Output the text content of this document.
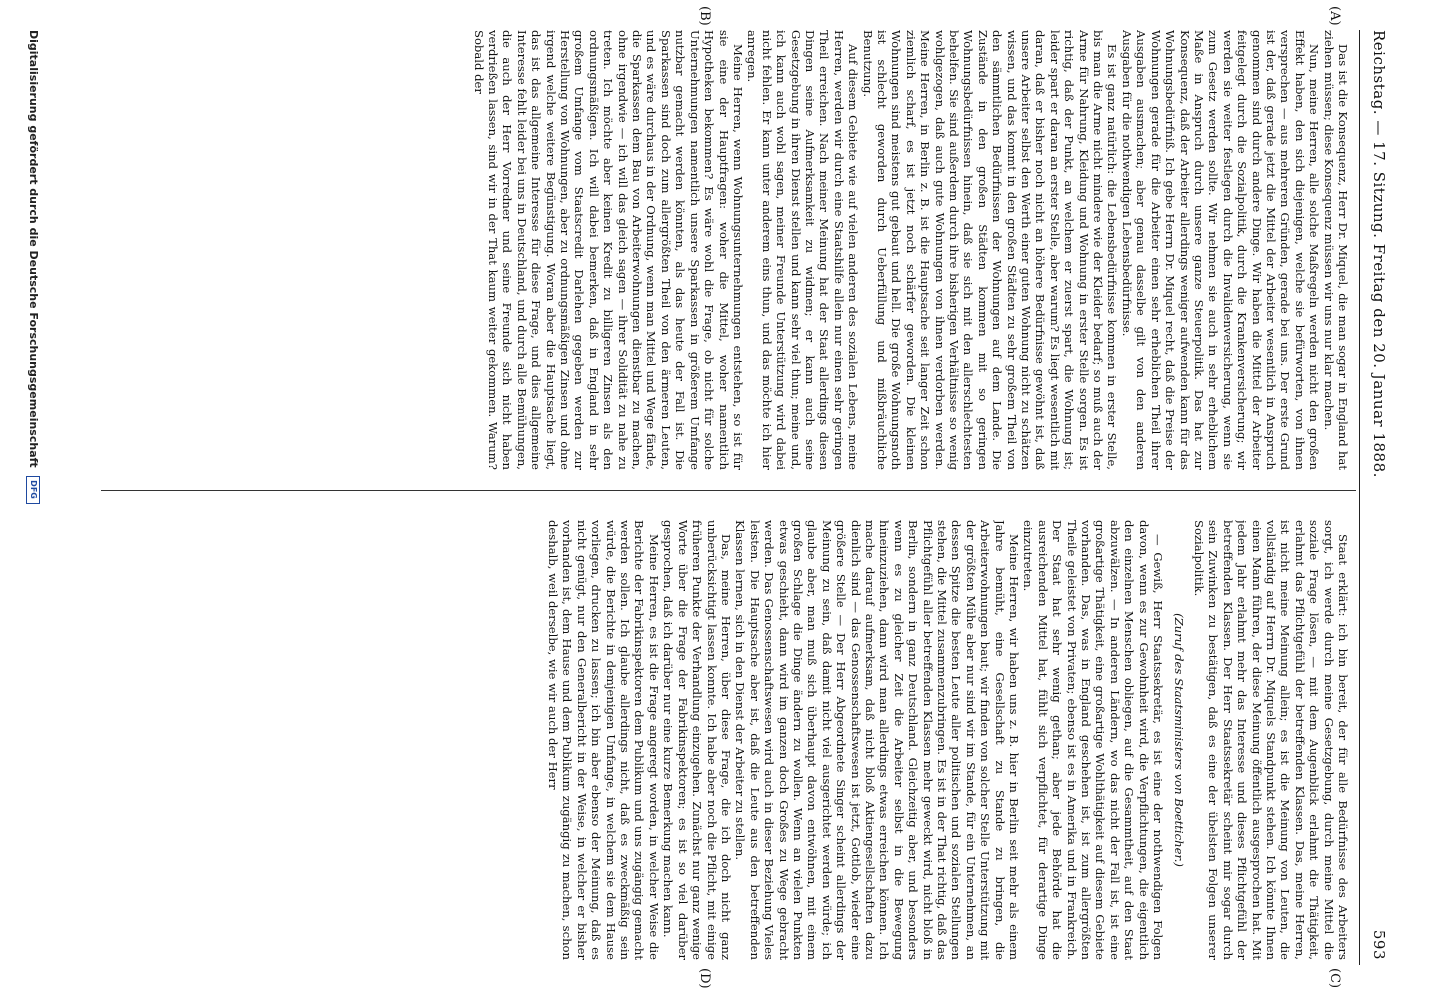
Reichstag. — 17. Sitzung. Freitag den 20. Januar 1888.
593
(A)
(B)
(C)
(D)

Das ist die Konsequenz, Herr Dr. Miquel, die man sogar in England hat ziehen müssen; diese Konsequenz müssen wir uns nur klar machen.

Nun, meine Herren, alle solche Maßregeln werden nicht den großen Effekt haben, den sich diejenigen, welche sie befürworten, von ihnen versprechen — aus mehreren Gründen, gerade bei uns. Der erste Grund ist der, daß gerade jetzt die Mittel der Arbeiter wesentlich in Anspruch genommen sind durch andere Dinge. Wir haben die Mittel der Arbeiter feitgelegt durch die Sozialpolitik, durch die Krankenversicherung; wir werden sie weiter festlegen durch die Invalidenversicherung, wenn sie zum Gesetz werden sollte. Wir nehmen sie auch in sehr erheblichem Maße in Anspruch durch unsere ganze Steuerpolitik. Das hat zur Konsequenz, daß der Arbeiter allerdings weniger aufwenden kann für das Wohnungsbedürfniß. Ich gebe Herrn Dr. Miquel recht, daß die Preise der Wohnungen gerade für die Arbeiter einen sehr erheblichen Theil ihrer Ausgaben ausmachen; aber genau dasselbe gilt von den anderen Ausgaben für die nothwendigen Lebensbedürfnisse.

Es ist ganz natürlich: die Lebensbedürfnisse kommen in erster Stelle, bis man die Arme nicht mindere wie der Kleider bedarf; so muß auch der Arme für Nahrung, Kleidung und Wohnung in erster Stelle sorgen. Es ist richtig, daß der Punkt, an welchem er zuerst spart, die Wohnung ist; leider spart er daran an erster Stelle, aber warum? Es liegt wesentlich mit daran, daß er bisher noch nicht an höhere Bedürfnisse gewöhnt ist, daß unsere Arbeiter selbst den Werth einer guten Wohnung nicht zu schätzen wissen, und das kommt in den großen Städten zu sehr großem Theil von den sämmtlichen Bedürfnissen der Wohnungen auf dem Lande. Die Zustände in den großen Städten kommen mit so geringen Wohnungsbedürfnissen hinein, daß sie sich mit den allerschlechtesten behelfen. Sie sind außerdem durch ihre bisherigen Verhältnisse so wenig wohlgezogen, daß auch gute Wohnungen von ihnen verdorben werden. Meine Herren, in Berlin z. B. ist die Hauptsache seit langer Zeit schon ziemlich scharf, es ist jetzt noch schärfer geworden. Die kleinen Wohnungen sind meistens gut gebaut und hell. Die große Wohnungsnoth ist schlecht geworden durch Ueberfüllung und mißbräuchliche Benutzung.

Auf diesem Gebiete wie auf vielen anderen des sozialen Lebens, meine Herren, werden wir durch eine Staatshilfe allein nur einen sehr geringen Theil erreichen. Nach meiner Meinung hat der Staat allerdings diesen Dingen seine Aufmerksamkeit zu widmen; er kann auch seine Gesetzgebung in ihren Dienst stellen und kann sehr viel thun; meine und, ich kann auch wohl sagen, meiner Freunde Unterstützung wird dabei nicht fehlen. Er kann unter anderem eins thun, und das möchte ich hier anregen.

Meine Herren, wenn Wohnungsunternehmungen entstehen, so ist für sie eine der Hauptfragen: woher die Mittel, woher namentlich Hypotheken bekommen? Es wäre wohl die Frage, ob nicht für solche Unternehmungen namentlich unsere Sparkassen in größerem Umfange nutzbar gemacht werden könnten, als das heute der Fall ist. Die Sparkassen sind doch zum allergrößten Theil von den ärmeren Leuten, und es wäre durchaus in der Ordnung, wenn man Mittel und Wege fände, die Sparkassen dem Bau von Arbeiterwohnungen dienstbar zu machen, ohne irgendwie — ich will das gleich sagen — ihrer Solidität zu nahe zu treten. Ich möchte aber keinen Kredit zu billigeren Zinsen als den ordnungsmäßigen. Ich will dabei bemerken, daß in England in sehr großem Umfange vom Staatscredit Darlehen gegeben werden zur Herstellung von Wohnungen, aber zu ordnungsmäßigen Zinsen und ohne irgend welche weitere Begünstigung. Woran aber die Hauptsache liegt, das ist das allgemeine Interesse für diese Frage, und dies allgemeine Interesse fehlt leider bei uns in Deutschland, und durch alle Bemühungen, die auch der Herr Vorredner und seine Freunde sich nicht haben verdrießen lassen, sind wir in der That kaum weiter gekommen. Warum? Sobald der

Staat erklärt: ich bin bereit, der für alle Bedürfnisse des Arbeiters sorgt, ich werde durch meine Gesetzgebung, durch meine Mittel die soziale Frage lösen, — mit dem Augenblick erlahmt die Thätigkeit, erlahmt das Pflichtgefühl der betreffenden Klassen. Das, meine Herren, ist nicht meine Meinung allein; es ist die Meinung von Leuten, die vollständig auf Herrn Dr. Miquels Standpunkt stehen. Ich könnte Ihnen einen Mann führen, der diese Meinung öffentlich ausgesprochen hat. Mit jedem Jahr erlahmt mehr das Interesse und dieses Pflichtgefühl der betreffenden Klassen. Der Herr Staatssekretär scheint mir sogar durch sein Zuwinken zu bestätigen, daß es eine der übelsten Folgen unserer Sozialpolitik.

(Zuruf des Staatsministers von Boetticher.)

— Gewiß, Herr Staatssekretär, es ist eine der nothwendigen Folgen davon, wenn es zur Gewohnheit wird, die Verpflichtungen, die eigentlich den einzelnen Menschen obliegen, auf die Gesammtheit, auf den Staat abzuwälzen. — In anderen Ländern, wo das nicht der Fall ist, ist eine großartige Thätigkeit, eine großartige Wohlthätigkeit auf diesem Gebiete vorhanden. Das, was in England geschehen ist, ist zum allergrößten Theile geleistet von Privaten; ebenso ist es in Amerika und in Frankreich. Der Staat hat sehr wenig gethan; aber jede Behörde hat die ausreichenden Mittel hat, fühlt sich verpflichtet, für derartige Dinge einzutreten.

Meine Herren, wir haben uns z. B. hier in Berlin seit mehr als einem Jahre bemüht, eine Gesellschaft zu Stande zu bringen, die Arbeiterwohnungen baut; wir finden von solcher Stelle Unterstützung mit der größten Mühe aber nur sind wir im Stande, für ein Unternehmen, an dessen Spitze die besten Leute aller politischen und sozialen Stellungen stehen, die Mittel zusammenzubringen. Es ist in der That richtig, daß das Pflichtgefühl aller betreffenden Klassen mehr geweckt wird, nicht bloß in Berlin, sondern in ganz Deutschland. Gleichzeitig aber, und besonders wenn es zu gleicher Zeit die Arbeiter selbst in die Bewegung hineinzuziehen, dann wird man allerdings etwas erreichen können. Ich mache darauf aufmerksam, daß nicht bloß Aktiengesellschaften dazu dienlich sind — das Genossenschaftswesen ist jetzt, Gottlob, wieder eine größere Stelle — Der Herr Abgeordnete Singer scheint allerdings der Meinung zu sein, daß damit nicht viel ausgerichtet werden würde; ich glaube aber, man muß sich überhaupt davon entwöhnen, mit einem großen Schlage die Dinge ändern zu wollen. Wenn an vielen Punkten etwas geschieht, dann wird im ganzen doch Großes zu Wege gebracht werden. Das Genossenschaftswesen wird auch in dieser Beziehung Vieles leisten. Die Hauptsache aber ist, daß die Leute aus den betreffenden Klassen lernen, sich in den Dienst der Arbeiter zu stellen.

Das, meine Herren, über diese Frage, die ich doch nicht ganz unberücksichtigt lassen konnte. Ich habe aber noch die Pflicht, mit einige früheren Punkte der Verhandlung einzugehen. Zunächst nur ganz wenige Worte über die Frage der Fabrikinspektoren; es ist so viel darüber gesprochen, daß ich darüber nur eine kurze Bemerkung machen kann.

Meine Herren, es ist die Frage angeregt worden, in welcher Weise die Berichte der Fabrikinspektoren dem Publikum und uns zugängig gemacht werden sollen. Ich glaube allerdings nicht, daß es zweckmäßig sein würde, die Berichte in demjenigen Umfange, in welchem sie dem Hause vorliegen, drucken zu lassen; ich bin aber ebenso der Meinung, daß es nicht genügt, nur den Generalbericht in der Weise, in welcher er bisher vorhanden ist, dem Hause und dem Publikum zugängig zu machen, schon deshalb, weil derselbe, wie wir auch der Herr

Digitalisierung gefördert durch die Deutsche Forschungsgemeinschaft DFG
